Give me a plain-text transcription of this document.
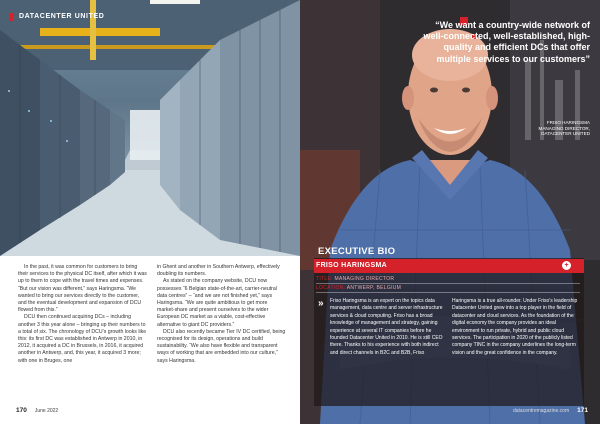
DATACENTER UNITED

In the past, it was common for customers to bring their services to the physical DC itself, after which it was up to them to cope with the travel times and expenses. “But our vision was different,” says Haringsma. “We wanted to bring our services directly to the customer, and the eventual development and expansion of DCU flowed from this.”

DCU then continued acquiring DCs – including another 3 this year alone – bringing up their numbers to a total of six. The chronology of DCU’s growth looks like this: its first DC was established in Antwerp in 2010, in 2012, it acquired a DC in Brussels, in 2016, it acquired another in Antwerp, and, this year, it acquired 3 more; with one in Bruges, one

in Ghent and another in Southern Antwerp, effectively doubling its numbers.

As stated on the company website, DCU now possesses “6 Belgian state-of-the-art, carrier-neutral data centres” – “and we are not finished yet,” says Haringsma. “We are quite ambitious to get more market-share and present ourselves to the wider European DC market as a viable, cost-effective alternative to giant DC providers.”

DCU also recently became Tier IV DC certified, being recognised for its design, operations and build sustainability. “We also have flexible and transparent ways of working that are embedded into our culture,” says Haringsma.

170 June 2022
“We want a country-wide network of well-connected, well-established, high-quality and efficient DCs that offer multiple services to our customers”
FRISO HARINGSMA
MANAGING DIRECTOR,
DATACENTER UNITED
EXECUTIVE BIO
FRISO HARINGSMA	+
TITLE: MANAGING DIRECTOR
LOCATION: ANTWERP, BELGIUM
»	Friso Haringsma is an expert on the topics data management, data centre and server infrastructure services & cloud computing. Friso has a broad knowledge of management and strategy, gaining experience at several IT companies before he founded Datacenter United in 2010. He is still CEO there. Thanks to his experience with both indirect and direct channels in B2C and B2B, Friso

Haringsma is a true all-rounder. Under Friso’s leadership Datacenter United grew into a top player in the field of datacenter and cloud services. As the foundation of the digital economy the company provides an ideal environment to run private, hybrid and public cloud services. The participation in 2020 of the publicly listed company TINC in the company underlines the long-term vision and the great confidence in the company.

datacentremagazine.com 171
